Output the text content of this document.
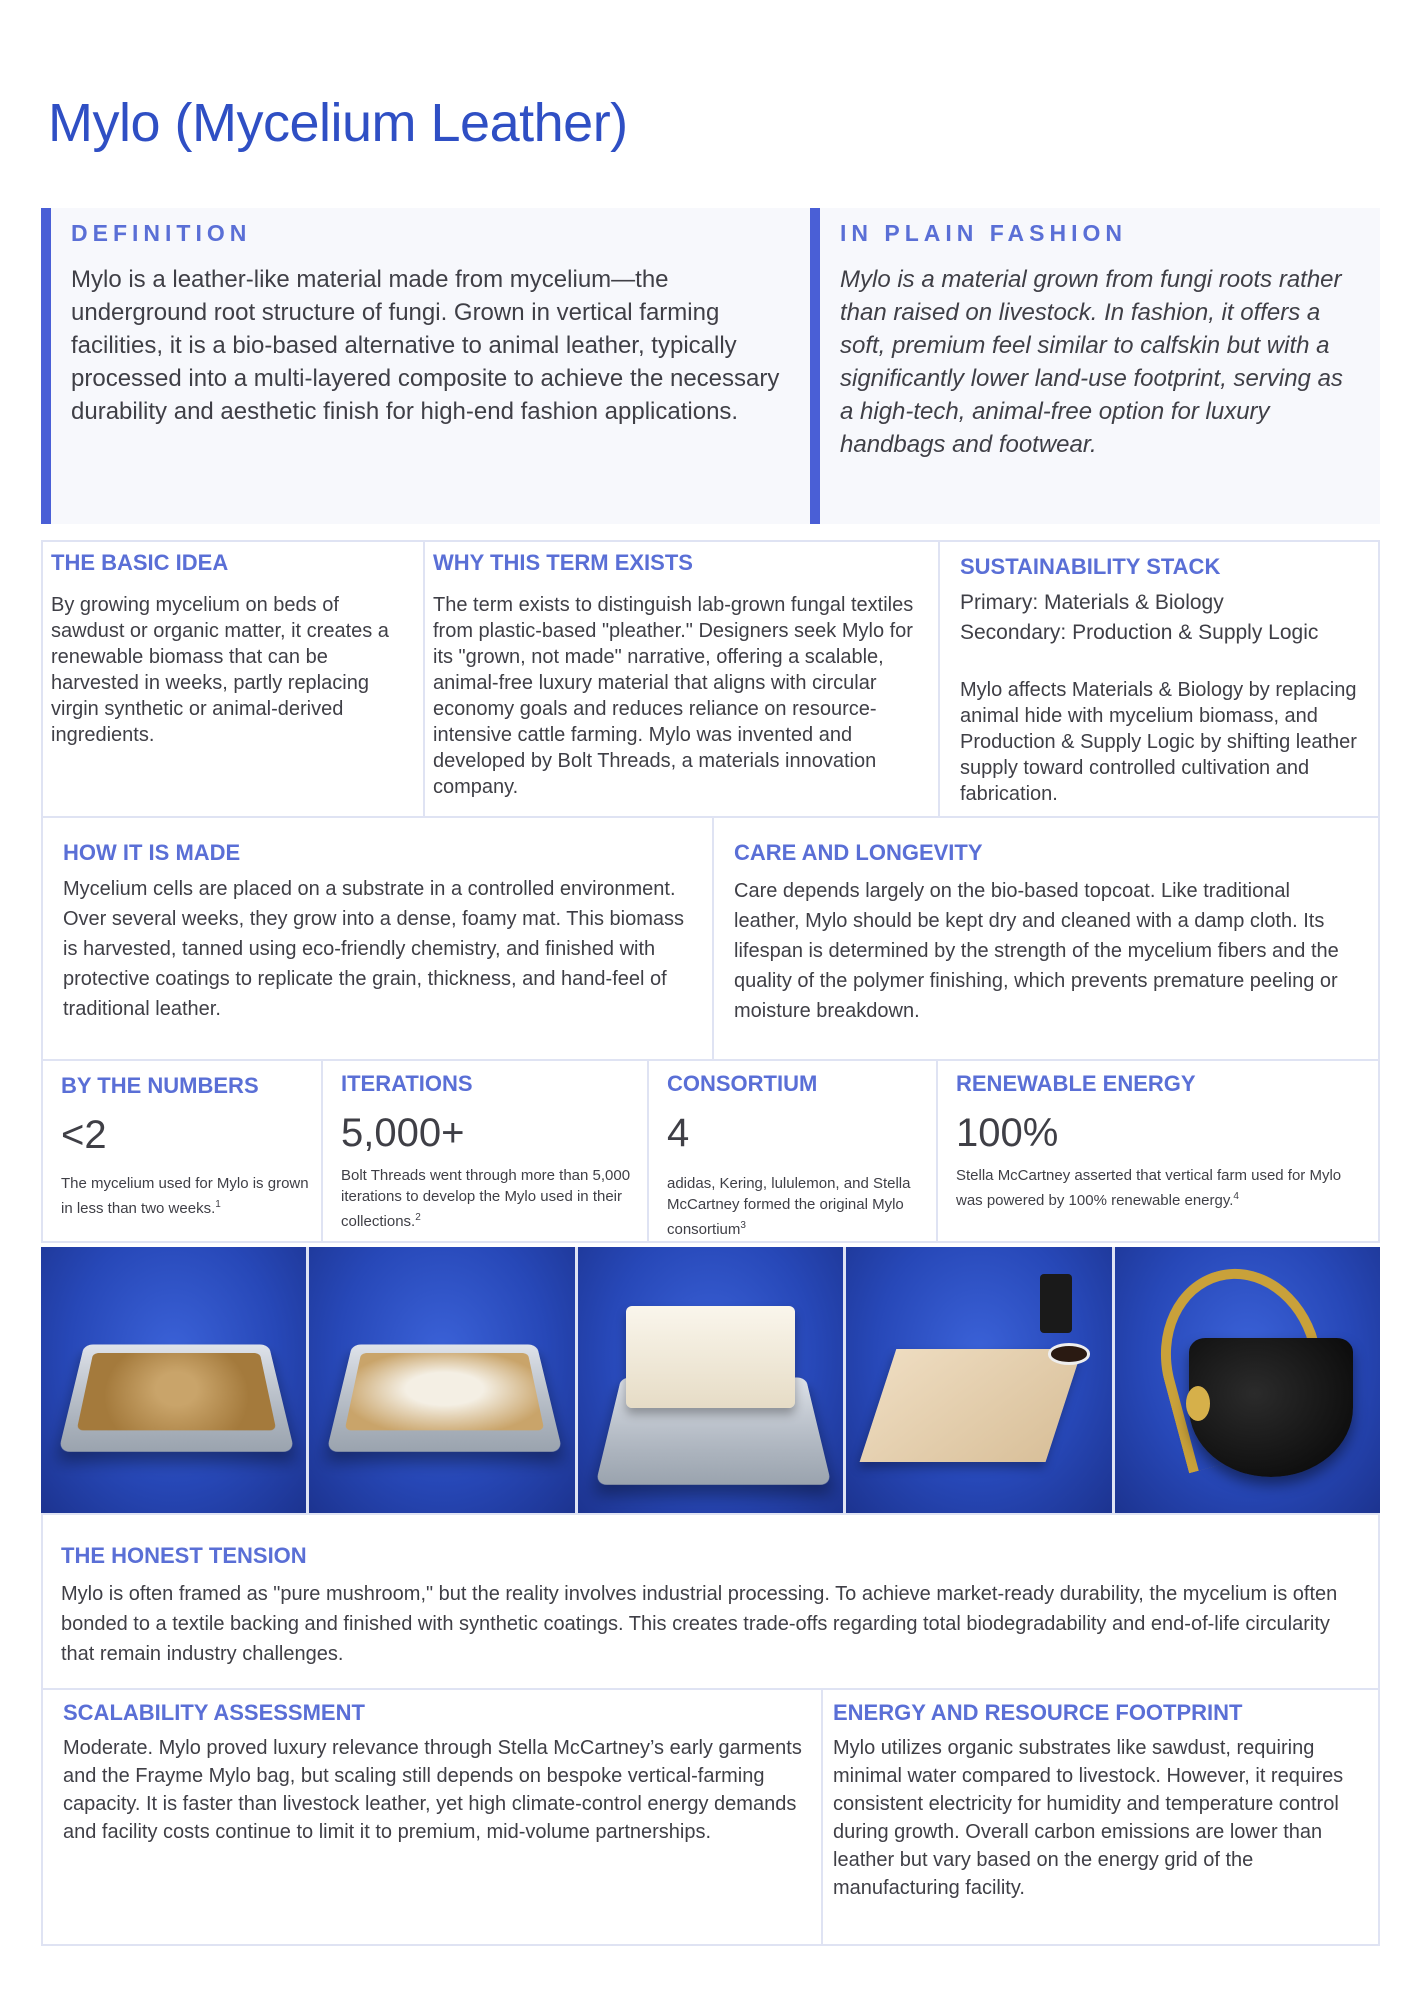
Mylo (Mycelium Leather)
DEFINITION
Mylo is a leather-like material made from mycelium—the underground root structure of fungi. Grown in vertical farming facilities, it is a bio-based alternative to animal leather, typically processed into a multi-layered composite to achieve the necessary durability and aesthetic finish for high-end fashion applications.
IN PLAIN FASHION
Mylo is a material grown from fungi roots rather than raised on livestock. In fashion, it offers a soft, premium feel similar to calfskin but with a significantly lower land-use footprint, serving as a high-tech, animal-free option for luxury handbags and footwear.
THE BASIC IDEA
By growing mycelium on beds of sawdust or organic matter, it creates a renewable biomass that can be harvested in weeks, partly replacing virgin synthetic or animal-derived ingredients.
WHY THIS TERM EXISTS
The term exists to distinguish lab-grown fungal textiles from plastic-based "pleather." Designers seek Mylo for its "grown, not made" narrative, offering a scalable, animal-free luxury material that aligns with circular economy goals and reduces reliance on resource-intensive cattle farming. Mylo was invented and developed by Bolt Threads, a materials innovation company.
SUSTAINABILITY STACK
Primary: Materials & Biology
Secondary: Production & Supply Logic
Mylo affects Materials & Biology by replacing animal hide with mycelium biomass, and Production & Supply Logic by shifting leather supply toward controlled cultivation and fabrication.
HOW IT IS MADE
Mycelium cells are placed on a substrate in a controlled environment. Over several weeks, they grow into a dense, foamy mat. This biomass is harvested, tanned using eco-friendly chemistry, and finished with protective coatings to replicate the grain, thickness, and hand-feel of traditional leather.
CARE AND LONGEVITY
Care depends largely on the bio-based topcoat. Like traditional leather, Mylo should be kept dry and cleaned with a damp cloth. Its lifespan is determined by the strength of the mycelium fibers and the quality of the polymer finishing, which prevents premature peeling or moisture breakdown.
BY THE NUMBERS
<2
The mycelium used for Mylo is grown in less than two weeks.$^1$
ITERATIONS
5,000+
Bolt Threads went through more than 5,000 iterations to develop the Mylo used in their collections.$^2$
CONSORTIUM
4
adidas, Kering, lululemon, and Stella McCartney formed the original Mylo consortium$^3$
RENEWABLE ENERGY
100%
Stella McCartney asserted that vertical farm used for Mylo was powered by 100% renewable energy.$^4$
THE HONEST TENSION
Mylo is often framed as "pure mushroom," but the reality involves industrial processing. To achieve market-ready durability, the mycelium is often bonded to a textile backing and finished with synthetic coatings. This creates trade-offs regarding total biodegradability and end-of-life circularity that remain industry challenges.
SCALABILITY ASSESSMENT
Moderate. Mylo proved luxury relevance through Stella McCartney’s early garments and the Frayme Mylo bag, but scaling still depends on bespoke vertical-farming capacity. It is faster than livestock leather, yet high climate-control energy demands and facility costs continue to limit it to premium, mid-volume partnerships.
ENERGY AND RESOURCE FOOTPRINT
Mylo utilizes organic substrates like sawdust, requiring minimal water compared to livestock. However, it requires consistent electricity for humidity and temperature control during growth. Overall carbon emissions are lower than leather but vary based on the energy grid of the manufacturing facility.
